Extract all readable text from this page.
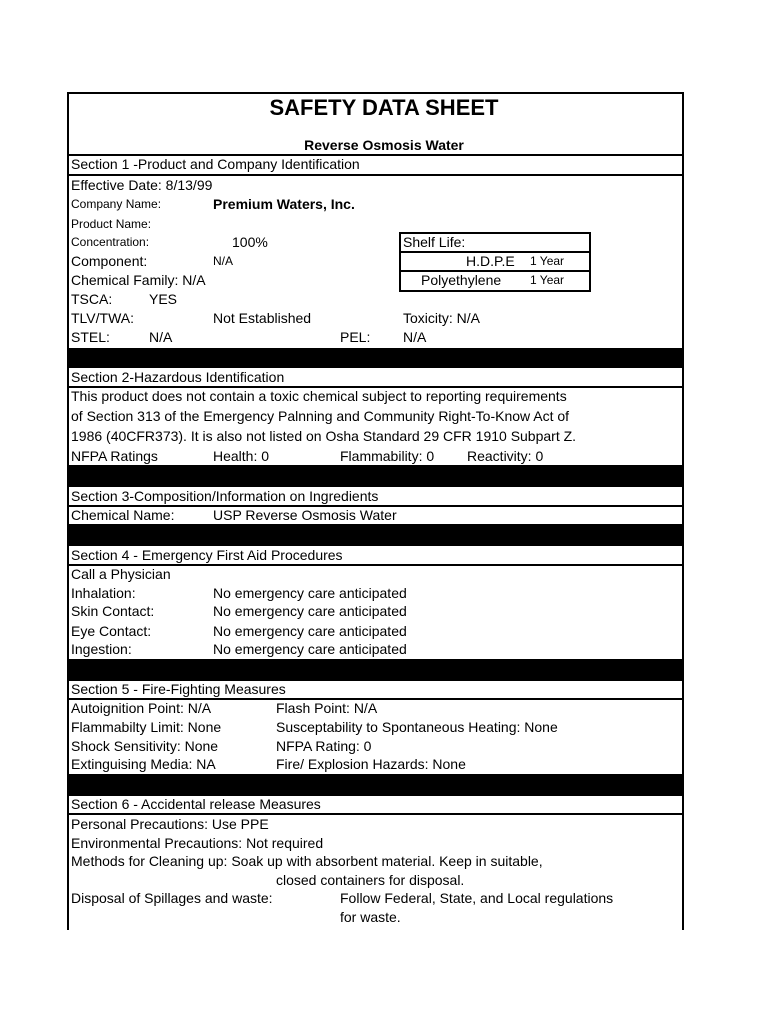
SAFETY DATA SHEET
Reverse Osmosis Water
Section 1 -Product and Company Identification
Effective Date: 8/13/99
Company Name:	Premium Waters, Inc.
Product Name:
Concentration:	100%
Component:	N/A
Chemical Family: N/A
TSCA:	YES
TLV/TWA:	Not Established	Toxicity: N/A
STEL:	N/A	PEL: N/A
Shelf Life:
H.D.P.E 1 Year
Polyethylene 1 Year
Section 2-Hazardous Identification
This product does not contain a toxic chemical subject to reporting requirements
of Section 313 of the Emergency Palnning and Community Right-To-Know Act of
1986 (40CFR373). It is also not listed on Osha Standard 29 CFR 1910 Subpart Z.
NFPA Ratings	Health: 0	Flammability: 0 Reactivity: 0
Section 3-Composition/Information on Ingredients
Chemical Name:	USP Reverse Osmosis Water
Section 4 - Emergency First Aid Procedures
Call a Physician
Inhalation:	No emergency care anticipated
Skin Contact:	No emergency care anticipated
Eye Contact:	No emergency care anticipated
Ingestion:	No emergency care anticipated
Section 5 - Fire-Fighting Measures
Autoignition Point: N/A	Flash Point: N/A
Flammabilty Limit: None	Susceptability to Spontaneous Heating: None
Shock Sensitivity: None	NFPA Rating: 0
Extinguising Media: NA	Fire/ Explosion Hazards: None
Section 6 - Accidental release Measures
Personal Precautions: Use PPE
Environmental Precautions: Not required
Methods for Cleaning up: Soak up with absorbent material. Keep in suitable,
closed containers for disposal.
Disposal of Spillages and waste:	Follow Federal, State, and Local regulations
for waste.
